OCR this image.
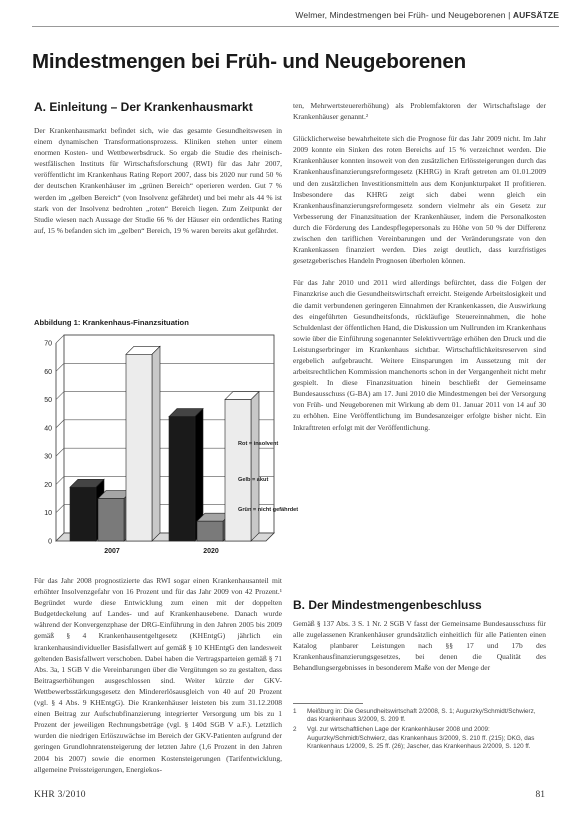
Welmer, Mindestmengen bei Früh- und Neugeborenen | AUFSÄTZE
Mindestmengen bei Früh- und Neugeborenen
A. Einleitung – Der Krankenhausmarkt

Der Krankenhausmarkt befindet sich, wie das gesamte Gesundheitswesen in einem dynamischen Transformationsprozess. Kliniken stehen unter einem enormen Kosten- und Wettbewerbsdruck. So ergab die Studie des rheinisch-westfälischen Instituts für Wirtschaftsforschung (RWI) für das Jahr 2007, veröffentlicht im Krankenhaus Rating Report 2007, dass bis 2020 nur rund 50 % der deutschen Krankenhäuser im „grünen Bereich“ operieren werden. Gut 7 % werden im „gelben Bereich“ (von Insolvenz gefährdet) und bei mehr als 44 % ist stark von der Insolvenz bedrohten „roten“ Bereich liegen. Zum Zeitpunkt der Studie wiesen nach Aussage der Studie 66 % der Häuser ein ordentliches Rating auf, 15 % befanden sich im „gelben“ Bereich, 19 % waren bereits akut gefährdet.

Abbildung 1: Krankenhaus-Finanzsituation
0
10
20
30
40
50
60
70
2007	2020
Rot = insolvent
Gelb = akut
Grün = nicht gefährdet

Für das Jahr 2008 prognostizierte das RWI sogar einen Krankenhausanteil mit erhöhter Insolvenzgefahr von 16 Prozent und für das Jahr 2009 von 42 Prozent.¹ Begründet wurde diese Entwicklung zum einen mit der doppelten Budgetdeckelung auf Landes- und auf Krankenhausebene. Danach wurde während der Konvergenzphase der DRG-Einführung in den Jahren 2005 bis 2009 gemäß § 4 Krankenhausentgeltgesetz (KHEntgG) jährlich ein krankenhausindividueller Basisfallwert auf gemäß § 10 KHEntgG den landesweit geltenden Basisfallwert verschoben. Dabei haben die Vertragsparteien gemäß § 71 Abs. 3a, 1 SGB V die Vereinbarungen über die Vergütungen so zu gestalten, dass Beitragserhöhungen ausgeschlossen sind. Weiter kürzte der GKV-Wettbewerbsstärkungsgesetz den Mindererlösausgleich von 40 auf 20 Prozent (vgl. § 4 Abs. 9 KHEntgG). Die Krankenhäuser leisteten bis zum 31.12.2008 einen Beitrag zur Aufschubfinanzierung integrierter Versorgung um bis zu 1 Prozent der jeweiligen Rechnungsbeträge (vgl. § 140d SGB V a.F.). Letztlich wurden die niedrigen Erlöszuwächse im Bereich der GKV-Patienten aufgrund der geringen Grundlohnratensteigerung der letzten Jahre (1,6 Prozent in den Jahren 2004 bis 2007) sowie die enormen Kostensteigerungen (Tarifentwicklung, allgemeine Preissteigerungen, Energiekos-

ten, Mehrwertsteuererhöhung) als Problemfaktoren der Wirtschaftslage der Krankenhäuser genannt.²

Glücklicherweise bewahrheitete sich die Prognose für das Jahr 2009 nicht. Im Jahr 2009 konnte ein Sinken des roten Bereichs auf 15 % verzeichnet werden. Die Krankenhäuser konnten insoweit von den zusätzlichen Erlössteigerungen durch das Krankenhausfinanzierungsreformgesetz (KHRG) in Kraft getreten am 01.01.2009 und den zusätzlichen Investitionsmitteln aus dem Konjunkturpaket II profitieren. Insbesondere das KHRG zeigt sich dabei wenn gleich ein Krankenhausfinanzierungsreformgesetz sondern vielmehr als ein Gesetz zur Verbesserung der Finanzsituation der Krankenhäuser, indem die Personalkosten durch die Förderung des Landespflegepersonals zu Höhe von 50 % der Differenz zwischen den tariflichen Vereinbarungen und der Veränderungsrate von den Krankenkassen finanziert werden. Dies zeigt deutlich, dass kurzfristiges gesetzgeberisches Handeln Prognosen überholen können.

Für das Jahr 2010 und 2011 wird allerdings befürchtet, dass die Folgen der Finanzkrise auch die Gesundheitswirtschaft erreicht. Steigende Arbeitslosigkeit und die damit verbundenen geringeren Einnahmen der Krankenkassen, die Auswirkung des eingeführten Gesundheitsfonds, rückläufige Steuereinnahmen, die hohe Schuldenlast der öffentlichen Hand, die Diskussion um Nullrunden im Krankenhaus sowie über die Einführung sogenannter Selektivverträge erhöhen den Druck und die Leistungserbringer im Krankenhaus sichtbar. Wirtschaftlichkeitsreserven sind ergebelich aufgebraucht. Weitere Einsparungen im Aussetzung mit der arbeitsrechtlichen Kommission manchenorts schon in der Vergangenheit nicht mehr gespielt. In diese Finanzsituation hinein beschließt der Gemeinsame Bundesausschuss (G-BA) am 17. Juni 2010 die Mindestmengen bei der Versorgung von Früh- und Neugeborenen mit Wirkung ab dem 01. Januar 2011 von 14 auf 30 zu erhöhen. Eine Veröffentlichung im Bundesanzeiger erfolgte bisher nicht. Ein Inkrafttreten erfolgt mit der Veröffentlichung.

B. Der Mindestmengenbeschluss

Gemäß § 137 Abs. 3 S. 1 Nr. 2 SGB V fasst der Gemeinsame Bundesausschuss für alle zugelassenen Krankenhäuser grundsätzlich einheitlich für alle Patienten einen Katalog planbarer Leistungen nach §§ 17 und 17b des Krankenhausfinanzierungsgesetzes, bei denen die Qualität des Behandlungsergebnisses in besonderem Maße von der Menge der

1	Meißburg in: Die Gesundheitswirtschaft 2/2008, S. 1; Augurzky/Schmidt/Schwierz, das Krankenhaus 3/2009, S. 209 ff.
2	Vgl. zur wirtschaftlichen Lage der Krankenhäuser 2008 und 2009: Augurzky/Schmidt/Schwierz, das Krankenhaus 3/2009, S. 210 ff. (215); DKG, das Krankenhaus 1/2009, S. 25 ff. (26); Jascher, das Krankenhaus 2/2009, S. 120 ff.
KHR 3/2010	81
